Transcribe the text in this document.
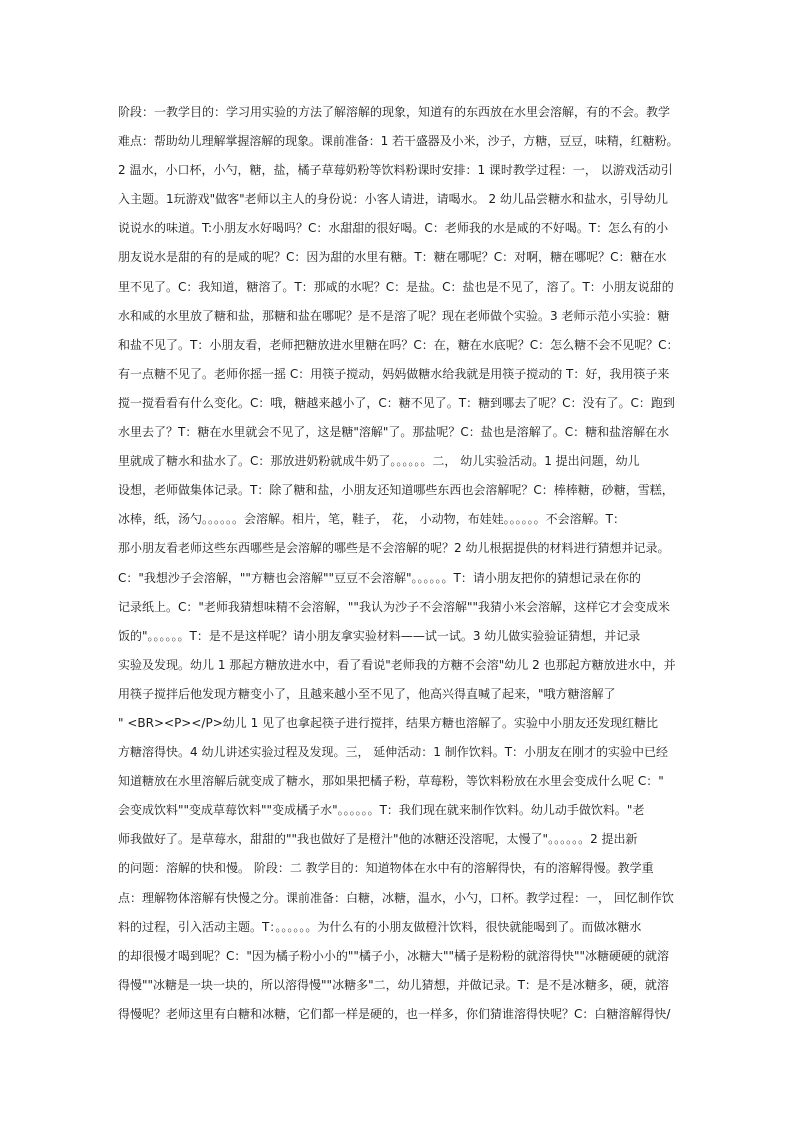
阶段：一教学目的：学习用实验的方法了解溶解的现象，知道有的东西放在水里会溶解，有的不会。教学
难点：帮助幼儿理解掌握溶解的现象。课前准备：1 若干盛器及小米，沙子，方糖，豆豆，味精，红糖粉。
2 温水，小口杯，小勺，糖，盐，橘子草莓奶粉等饮料粉课时安排：1 课时教学过程：一， 以游戏活动引
入主题。1玩游戏"做客"老师以主人的身份说：小客人请进，请喝水。 2 幼儿品尝糖水和盐水，引导幼儿
说说水的味道。T:小朋友水好喝吗？C：水甜甜的很好喝。C：老师我的水是咸的不好喝。T：怎么有的小
朋友说水是甜的有的是咸的呢？C：因为甜的水里有糖。T：糖在哪呢？C：对啊，糖在哪呢？C：糖在水
里不见了。C：我知道，糖溶了。T：那咸的水呢？C：是盐。C：盐也是不见了，溶了。T：小朋友说甜的
水和咸的水里放了糖和盐，那糖和盐在哪呢？是不是溶了呢？现在老师做个实验。3 老师示范小实验：糖
和盐不见了。T：小朋友看，老师把糖放进水里糖在吗？C：在，糖在水底呢？C：怎么糖不会不见呢？C：
有一点糖不见了。老师你摇一摇 C：用筷子搅动，妈妈做糖水给我就是用筷子搅动的 T：好，我用筷子来
搅一搅看看有什么变化。C：哦，糖越来越小了，C：糖不见了。T：糖到哪去了呢？C：没有了。C：跑到
水里去了？T：糖在水里就会不见了，这是糖"溶解"了。那盐呢？C：盐也是溶解了。C：糖和盐溶解在水
里就成了糖水和盐水了。C：那放进奶粉就成牛奶了。。。。。。二， 幼儿实验活动。1 提出问题，幼儿
设想，老师做集体记录。T：除了糖和盐，小朋友还知道哪些东西也会溶解呢？C：棒棒糖，砂糖，雪糕，
冰棒，纸，汤勺。。。。。。会溶解。相片，笔，鞋子， 花， 小动物，布娃娃。。。。。。不会溶解。T：
那小朋友看老师这些东西哪些是会溶解的哪些是不会溶解的呢？2 幼儿根据提供的材料进行猜想并记录。
C："我想沙子会溶解，""方糖也会溶解""豆豆不会溶解"。。。。。。T：请小朋友把你的猜想记录在你的
记录纸上。C："老师我猜想味精不会溶解，""我认为沙子不会溶解""我猜小米会溶解，这样它才会变成米
饭的"。。。。。。T：是不是这样呢？请小朋友拿实验材料——试一试。3 幼儿做实验验证猜想，并记录
实验及发现。幼儿 1 那起方糖放进水中，看了看说"老师我的方糖不会溶"幼儿 2 也那起方糖放进水中，并
用筷子搅拌后他发现方糖变小了，且越来越小至不见了，他高兴得直喊了起来，"哦方糖溶解了
" <BR><P></P>幼儿 1 见了也拿起筷子进行搅拌，结果方糖也溶解了。实验中小朋友还发现红糖比
方糖溶得快。4 幼儿讲述实验过程及发现。三， 延伸活动：1 制作饮料。T：小朋友在刚才的实验中已经
知道糖放在水里溶解后就变成了糖水，那如果把橘子粉，草莓粉，等饮料粉放在水里会变成什么呢 C："
会变成饮料""变成草莓饮料""变成橘子水"。。。。。。T：我们现在就来制作饮料。幼儿动手做饮料。"老
师我做好了。是草莓水，甜甜的""我也做好了是橙汁"他的冰糖还没溶呢，太慢了"。。。。。。2 提出新
的问题：溶解的快和慢。 阶段：二 教学目的：知道物体在水中有的溶解得快，有的溶解得慢。教学重
点：理解物体溶解有快慢之分。课前准备：白糖，冰糖，温水，小勺，口杯。教学过程：一， 回忆制作饮
料的过程，引入活动主题。T：。。。。。。为什么有的小朋友做橙汁饮料，很快就能喝到了。而做冰糖水
的却很慢才喝到呢？C："因为橘子粉小小的""橘子小，冰糖大""橘子是粉粉的就溶得快""冰糖硬硬的就溶
得慢""冰糖是一块一块的，所以溶得慢""冰糖多"二，幼儿猜想，并做记录。T：是不是冰糖多，硬，就溶
得慢呢？老师这里有白糖和冰糖，它们都一样是硬的，也一样多，你们猜谁溶得快呢？C：白糖溶解得快/
